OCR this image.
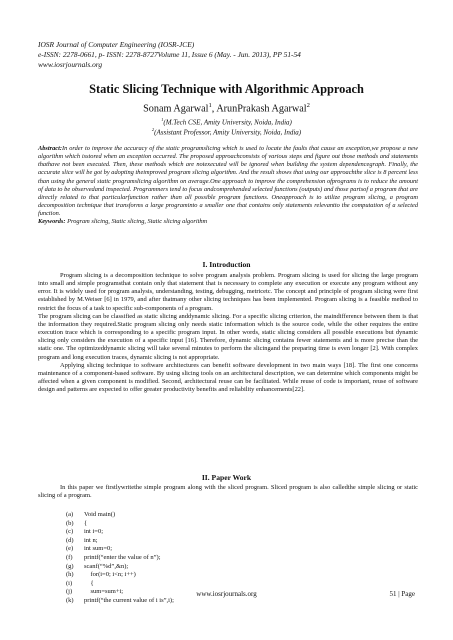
IOSR Journal of Computer Engineering (IOSR-JCE)
e-ISSN: 2278-0661, p- ISSN: 2278-8727Volume 11, Issue 6 (May. - Jun. 2013), PP 51-54
www.iosrjournals.org
Static Slicing Technique with Algorithmic Approach
Sonam Agarwal$^1$, ArunPrakash Agarwal$^2$
$^1$(M.Tech CSE, Amity University, Noida, India)
$^2$(Assistant Professor, Amity University, Noida, India)
Abstract:In order to improve the accuracy of the static programslicing which is used to locate the faults that cause an exception,we propose a new algorithm which isstored when an exception occurred. The proposed approachconsists of various steps and figure out those methods and statements thathave not been executed. Then, these methods which are notexecuted will be ignored when building the system dependencegraph. Finally, the accurate slice will be got by adopting theimproved program slicing algorithm. And the result shows that using our approachthe slice is 8 percent less than using the general static programslicing algorithm on average.One approach to improve the comprehension ofprograms is to reduce the amount of data to be observedand inspected. Programmers tend to focus andcomprehended selected functions (outputs) and those partsof a program that are directly related to that particularfunction rather than all possible program functions. Oneapproach is to utilize program slicing, a program decomposition technique that transforms a large programinto a smaller one that contains only statements relevantto the computation of a selected function.
Keywords: Program slicing, Static slicing, Static slicing algorithm
I. Introduction

Program slicing is a decomposition technique to solve program analysis problem. Program slicing is used for slicing the large program into small and simple programsthat contain only that statement that is necessary to complete any execution or execute any program without any error. It is widely used for program analysis, understanding, testing, debugging, metricetc. The concept and principle of program slicing were first established by M.Weiser [6] in 1979, and after thatmany other slicing techniques has been implemented. Program slicing is a feasible method to restrict the focus of a task to specific sub-components of a program.

The program slicing can be classified as static slicing anddynamic slicing. For a specific slicing criterion, the maindifference between them is that the information they required.Static program slicing only needs static information which is the source code, while the other requires the entire execution trace which is corresponding to a specific program input. In other words, static slicing considers all possible executions but dynamic slicing only considers the execution of a specific input [16]. Therefore, dynamic slicing contains fewer statements and is more precise than the static one. The optimizeddynamic slicing will take several minutes to perform the slicingand the preparing time is even longer [2]. With complex program and long execution traces, dynamic slicing is not appropriate.

Applying slicing technique to software architectures can benefit software development in two main ways [18]. The first one concerns maintenance of a component-based software. By using slicing tools on an architectural description, we can determine which components might be affected when a given component is modified. Second, architectural reuse can be facilitated. While reuse of code is important, reuse of software design and patterns are expected to offer greater productivity benefits and reliability enhancements[22].

II. Paper Work

In this paper we firstlywritethe simple program along with the sliced program. Sliced program is also calledthe simple slicing or static slicing of a program.

(a) Void main()
(b) {
(c) int i=0;
(d) int n;
(e) int sum=0;
(f) printf(“enter the value of n”);
(g) scanf(“%d”,&n);
(h)    for(i=0; i<n; i++)
(i)    {
(j)    sum=sum+i;
(k) printf(“the current value of i is”,i);
www.iosrjournals.org	51 | Page
